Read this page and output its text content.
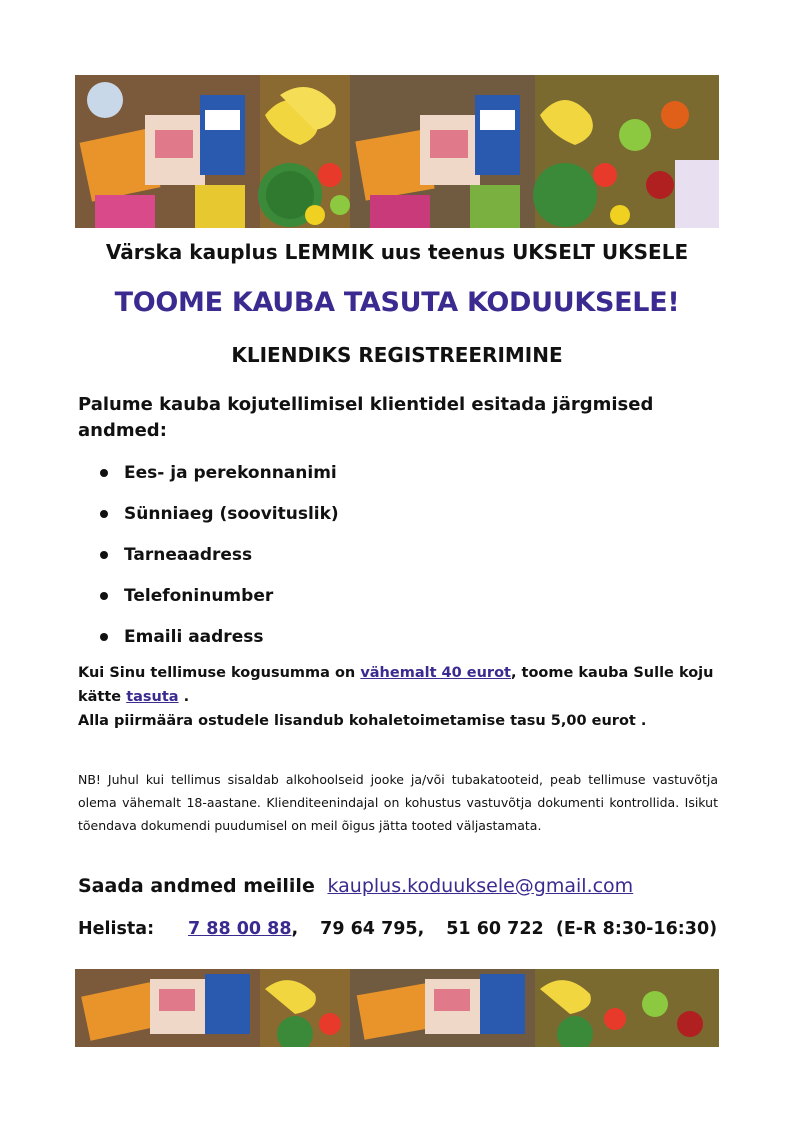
Värska kauplus LEMMIK uus teenus UKSELT UKSELE
TOOME KAUBA TASUTA KODUUKSELE!
KLIENDIKS REGISTREERIMINE
Palume kauba kojutellimisel klientidel esitada järgmised andmed:
Ees- ja perekonnanimi
Sünniaeg (soovituslik)
Tarneaadress
Telefoninumber
Emaili aadress
Kui Sinu tellimuse kogusumma on vähemalt 40 eurot, toome kauba Sulle koju kätte tasuta .
Alla piirmäära ostudele lisandub kohaletoimetamise tasu 5,00 eurot .
NB! Juhul kui tellimus sisaldab alkohoolseid jooke ja/või tubakatooteid, peab tellimuse vastuvõtja olema vähemalt 18-aastane. Klienditeenindajal on kohustus vastuvõtja dokumenti kontrollida. Isikut tõendava dokumendi puudumisel on meil õigus jätta tooted väljastamata.
Saada andmed meilile kauplus.koduuksele@gmail.com
Helista: 7 88 00 88, 79 64 795, 51 60 722 (E-R 8:30-16:30)
